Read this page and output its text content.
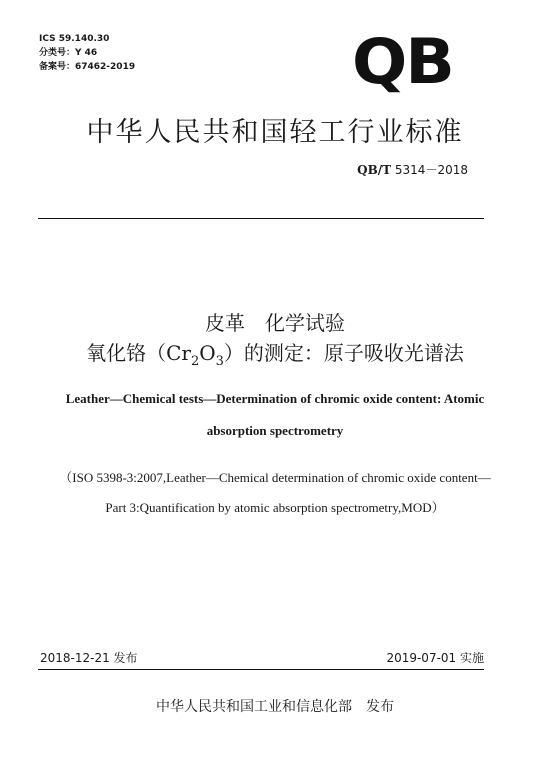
ICS 59.140.30
分类号：Y 46
备案号：67462-2019	QB
中华人民共和国轻工行业标准
QB/T 5314－2018
皮革　化学试验
氧化铬$(Cr_2O_3)$的测定：原子吸收光谱法
Leather—Chemical tests—Determination of chromic oxide content: Atomic
absorption spectrometry
（ISO 5398-3:2007,Leather—Chemical determination of chromic oxide content—
Part 3:Quantification by atomic absorption spectrometry,MOD）
2018-12-21 发布	2019-07-01 实施
中华人民共和国工业和信息化部　发布
